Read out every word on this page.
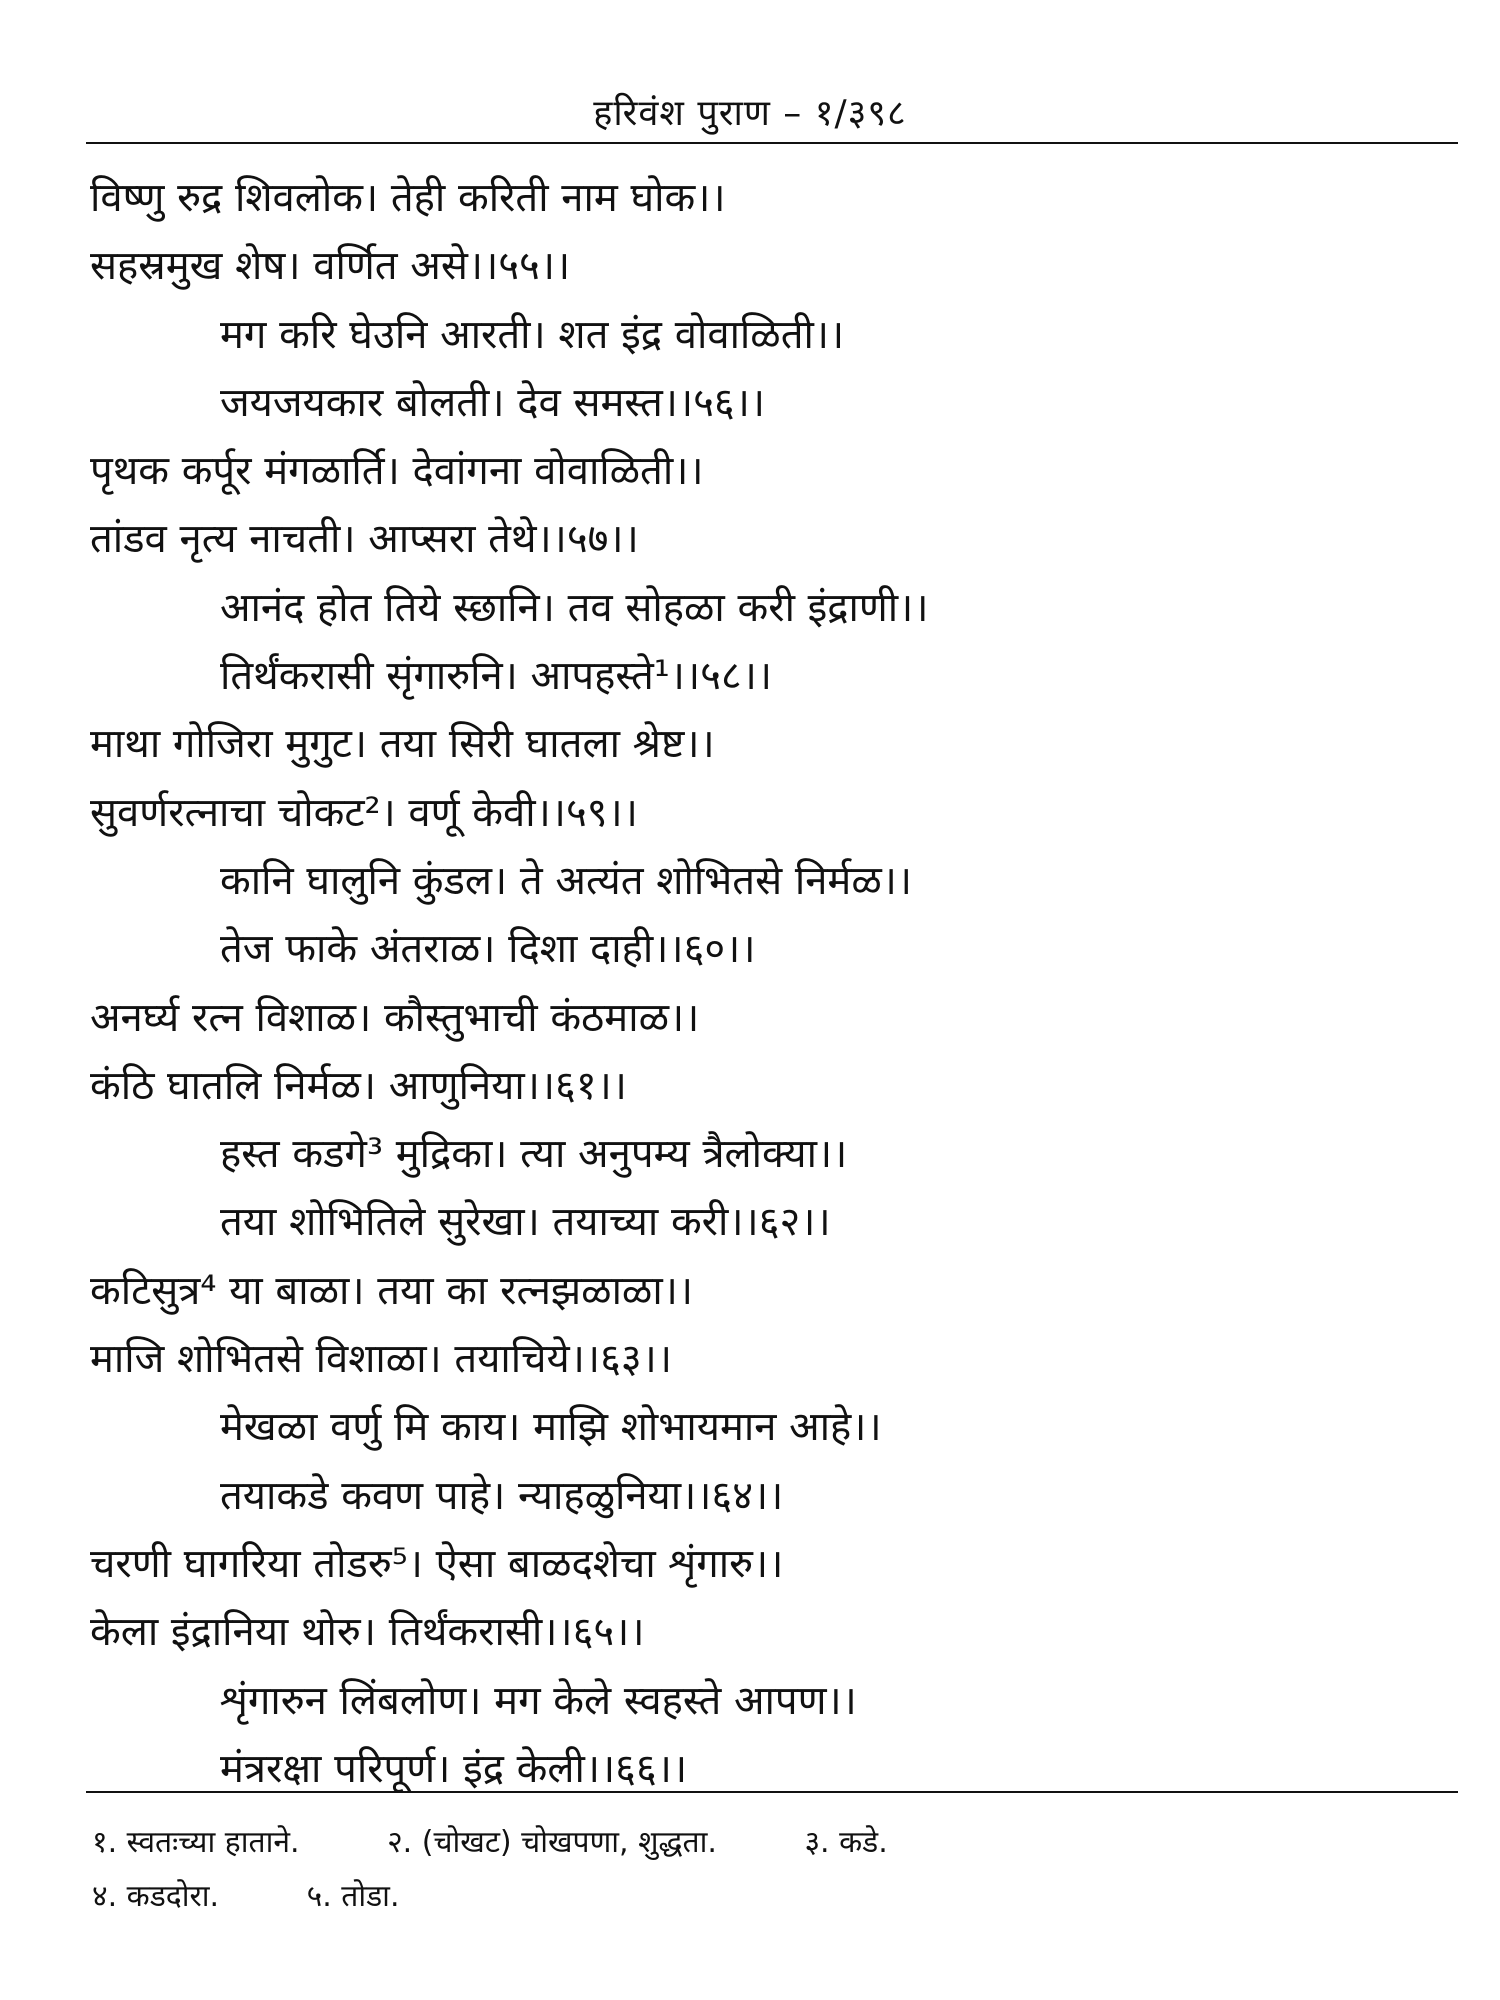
हरिवंश पुराण – १/३९८
विष्णु रुद्र शिवलोक। तेही करिती नाम घोक।।
सहस्रमुख शेष। वर्णित असे।।५५।।
मग करि घेउनि आरती। शत इंद्र वोवाळिती।।
जयजयकार बोलती। देव समस्त।।५६।।
पृथक कर्पूर मंगळार्ति। देवांगना वोवाळिती।।
तांडव नृत्य नाचती। आप्सरा तेथे।।५७।।
आनंद होत तिये स्छानि। तव सोहळा करी इंद्राणी।।
तिर्थंकरासी सृंगारुनि। आपहस्ते¹।।५८।।
माथा गोजिरा मुगुट। तया सिरी घातला श्रेष्ट।।
सुवर्णरत्नाचा चोकट²। वर्णू केवी।।५९।।
कानि घालुनि कुंडल। ते अत्यंत शोभितसे निर्मळ।।
तेज फाके अंतराळ। दिशा दाही।।६०।।
अनर्घ्य रत्न विशाळ। कौस्तुभाची कंठमाळ।।
कंठि घातलि निर्मळ। आणुनिया।।६१।।
हस्त कडगे³ मुद्रिका। त्या अनुपम्य त्रैलोक्या।।
तया शोभितिले सुरेखा। तयाच्या करी।।६२।।
कटिसुत्र⁴ या बाळा। तया का रत्नझळाळा।।
माजि शोभितसे विशाळा। तयाचिये।।६३।।
मेखळा वर्णु मि काय। माझि शोभायमान आहे।।
तयाकडे कवण पाहे। न्याहळुनिया।।६४।।
चरणी घागरिया तोडरु⁵। ऐसा बाळदशेचा शृंगारु।।
केला इंद्रानिया थोरु। तिर्थंकरासी।।६५।।
शृंगारुन लिंबलोण। मग केले स्वहस्ते आपण।।
मंत्ररक्षा परिपूर्ण। इंद्र केली।।६६।।
१. स्वतःच्या हाताने.	२. (चोखट) चोखपणा, शुद्धता.	३. कडे.
४. कडदोरा.	५. तोडा.
